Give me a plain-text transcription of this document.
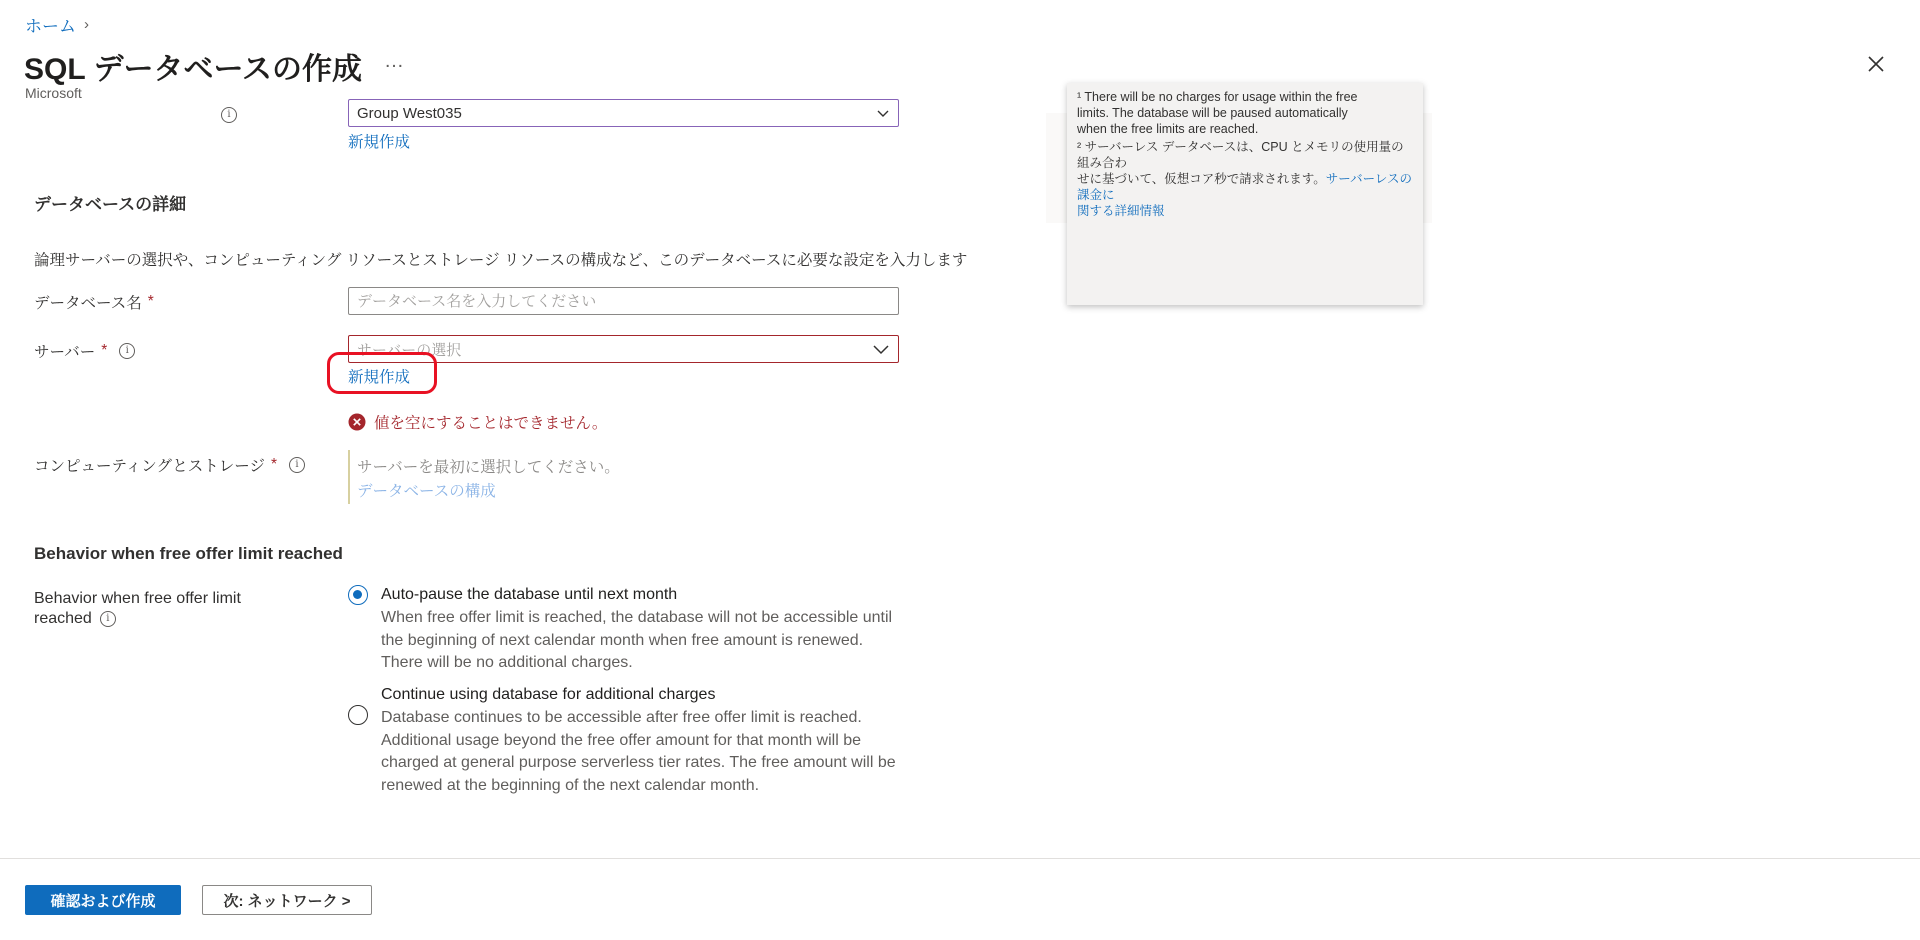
ホーム ›
SQL データベースの作成 …
Microsoft	¹ There will be no charges for usage within the free
limits. The database will be paused automatically
when the free limits are reached.
² サーバーレス データベースは、CPU とメモリの使用量の組み合わ
せに基づいて、仮想コア秒で請求されます。サーバーレスの課金に
関する詳細情報

i	Group West035
新規作成
データベースの詳細
論理サーバーの選択や、コンピューティング リソースとストレージ リソースの構成など、このデータベースに必要な設定を入力します
データベース名 *
データベース名を入力してください
サーバー *	i	サーバーの選択
新規作成
値を空にすることはできません。
コンピューティングとストレージ *	i	サーバーを最初に選択してください。
データベースの構成
Behavior when free offer limit reached
Behavior when free offer limit
reached	i
Auto-pause the database until next month
When free offer limit is reached, the database will not be accessible until the beginning of next calendar month when free amount is renewed. There will be no additional charges.
Continue using database for additional charges
Database continues to be accessible after free offer limit is reached. Additional usage beyond the free offer amount for that month will be charged at general purpose serverless tier rates. The free amount will be renewed at the beginning of the next calendar month.
確認および作成	次: ネットワーク >
